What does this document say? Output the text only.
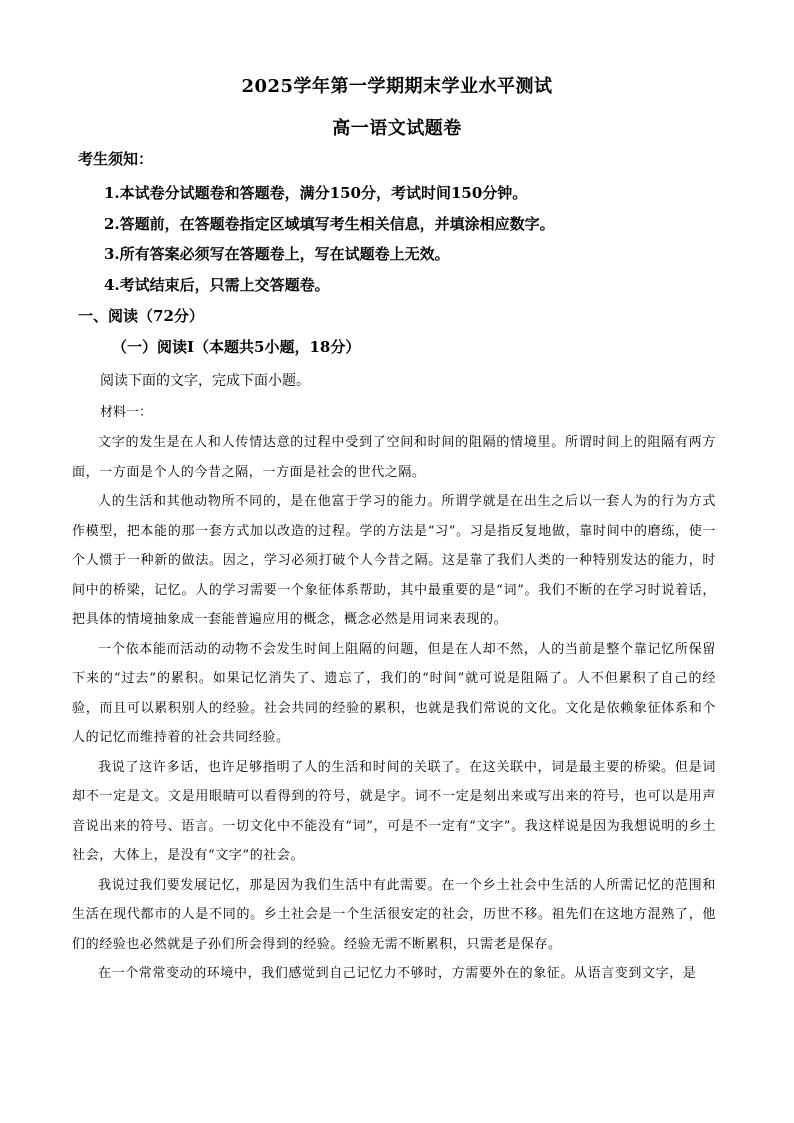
2025学年第一学期期末学业水平测试
高一语文试题卷
考生须知：
1.本试卷分试题卷和答题卷，满分150分，考试时间150分钟。
2.答题前，在答题卷指定区域填写考生相关信息，并填涂相应数字。
3.所有答案必须写在答题卷上，写在试题卷上无效。
4.考试结束后，只需上交答题卷。
一、阅读（72分）
（一）阅读Ⅰ（本题共5小题，18分）
阅读下面的文字，完成下面小题。
材料一：

文字的发生是在人和人传情达意的过程中受到了空间和时间的阻隔的情境里。所谓时间上的阻隔有两方面，一方面是个人的今昔之隔，一方面是社会的世代之隔。

人的生活和其他动物所不同的，是在他富于学习的能力。所谓学就是在出生之后以一套人为的行为方式作模型，把本能的那一套方式加以改造的过程。学的方法是“习”。习是指反复地做，靠时间中的磨练，使一个人惯于一种新的做法。因之，学习必须打破个人今昔之隔。这是靠了我们人类的一种特别发达的能力，时间中的桥梁，记忆。人的学习需要一个象征体系帮助，其中最重要的是“词”。我们不断的在学习时说着话，把具体的情境抽象成一套能普遍应用的概念，概念必然是用词来表现的。

一个依本能而活动的动物不会发生时间上阻隔的问题，但是在人却不然，人的当前是整个靠记忆所保留下来的“过去”的累积。如果记忆消失了、遗忘了，我们的“时间”就可说是阻隔了。人不但累积了自己的经验，而且可以累积别人的经验。社会共同的经验的累积，也就是我们常说的文化。文化是依赖象征体系和个人的记忆而维持着的社会共同经验。

我说了这许多话，也许足够指明了人的生活和时间的关联了。在这关联中，词是最主要的桥梁。但是词却不一定是文。文是用眼睛可以看得到的符号，就是字。词不一定是刻出来或写出来的符号，也可以是用声音说出来的符号、语言。一切文化中不能没有“词”，可是不一定有“文字”。我这样说是因为我想说明的乡土社会，大体上，是没有“文字”的社会。

我说过我们要发展记忆，那是因为我们生活中有此需要。在一个乡土社会中生活的人所需记忆的范围和生活在现代都市的人是不同的。乡土社会是一个生活很安定的社会，历世不移。祖先们在这地方混熟了，他们的经验也必然就是子孙们所会得到的经验。经验无需不断累积，只需老是保存。

在一个常常变动的环境中，我们感觉到自己记忆力不够时，方需要外在的象征。从语言变到文字，是
